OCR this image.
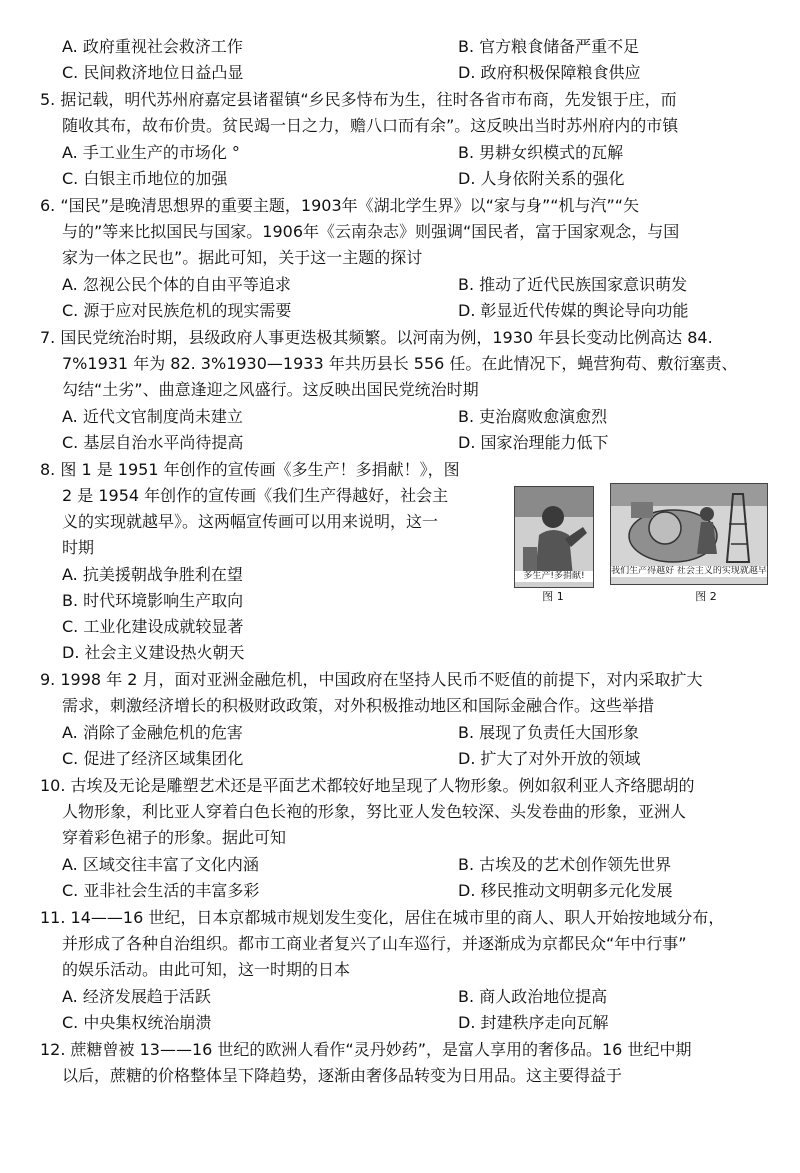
A. 政府重视社会救济工作	B. 官方粮食储备严重不足
C. 民间救济地位日益凸显	D. 政府积极保障粮食供应
5. 据记载，明代苏州府嘉定县诸翟镇“乡民多恃布为生，往时各省市布商，先发银于庄，而
随收其布，故布价贵。贫民竭一日之力，赡八口而有余”。这反映出当时苏州府内的市镇
A. 手工业生产的市场化 °	B. 男耕女织模式的瓦解
C. 白银主币地位的加强	D. 人身依附关系的强化
6. “国民”是晚清思想界的重要主题，1903年《湖北学生界》以“家与身”“机与汽”“矢
与的”等来比拟国民与国家。1906年《云南杂志》则强调“国民者，富于国家观念，与国
家为一体之民也”。据此可知，关于这一主题的探讨
A. 忽视公民个体的自由平等追求	B. 推动了近代民族国家意识萌发
C. 源于应对民族危机的现实需要	D. 彰显近代传媒的舆论导向功能
7. 国民党统治时期，县级政府人事更迭极其频繁。以河南为例，1930 年县长变动比例高达 84.
7%1931 年为 82. 3%1930—1933 年共历县长 556 任。在此情况下，蝇营狗苟、敷衍塞责、
勾结“土劣”、曲意逢迎之风盛行。这反映出国民党统治时期
A. 近代文官制度尚未建立	B. 吏治腐败愈演愈烈
C. 基层自治水平尚待提高	D. 国家治理能力低下
8. 图 1 是 1951 年创作的宣传画《多生产！多捐献！》，图
2 是 1954 年创作的宣传画《我们生产得越好，社会主
义的实现就越早》。这两幅宣传画可以用来说明，这一
时期
A. 抗美援朝战争胜利在望
B. 时代环境影响生产取向
C. 工业化建设成就较显著
D. 社会主义建设热火朝天
多生产!多捐献!
图 1
我们生产得越好 社会主义的实现就越早
图 2
9. 1998 年 2 月，面对亚洲金融危机，中国政府在坚持人民币不贬值的前提下，对内采取扩大
需求，刺激经济增长的积极财政政策，对外积极推动地区和国际金融合作。这些举措
A. 消除了金融危机的危害	B. 展现了负责任大国形象
C. 促进了经济区域集团化	D. 扩大了对外开放的领域
10. 古埃及无论是雕塑艺术还是平面艺术都较好地呈现了人物形象。例如叙利亚人齐络腮胡的
人物形象，利比亚人穿着白色长袍的形象，努比亚人发色较深、头发卷曲的形象，亚洲人
穿着彩色裙子的形象。据此可知
A. 区域交往丰富了文化内涵	B. 古埃及的艺术创作领先世界
C. 亚非社会生活的丰富多彩	D. 移民推动文明朝多元化发展
11. 14——16 世纪，日本京都城市规划发生变化，居住在城市里的商人、职人开始按地域分布，
并形成了各种自治组织。都市工商业者复兴了山车巡行，并逐渐成为京都民众“年中行事”
的娱乐活动。由此可知，这一时期的日本
A. 经济发展趋于活跃	B. 商人政治地位提高
C. 中央集权统治崩溃	D. 封建秩序走向瓦解
12. 蔗糖曾被 13——16 世纪的欧洲人看作“灵丹妙药”，是富人享用的奢侈品。16 世纪中期
以后，蔗糖的价格整体呈下降趋势，逐渐由奢侈品转变为日用品。这主要得益于
